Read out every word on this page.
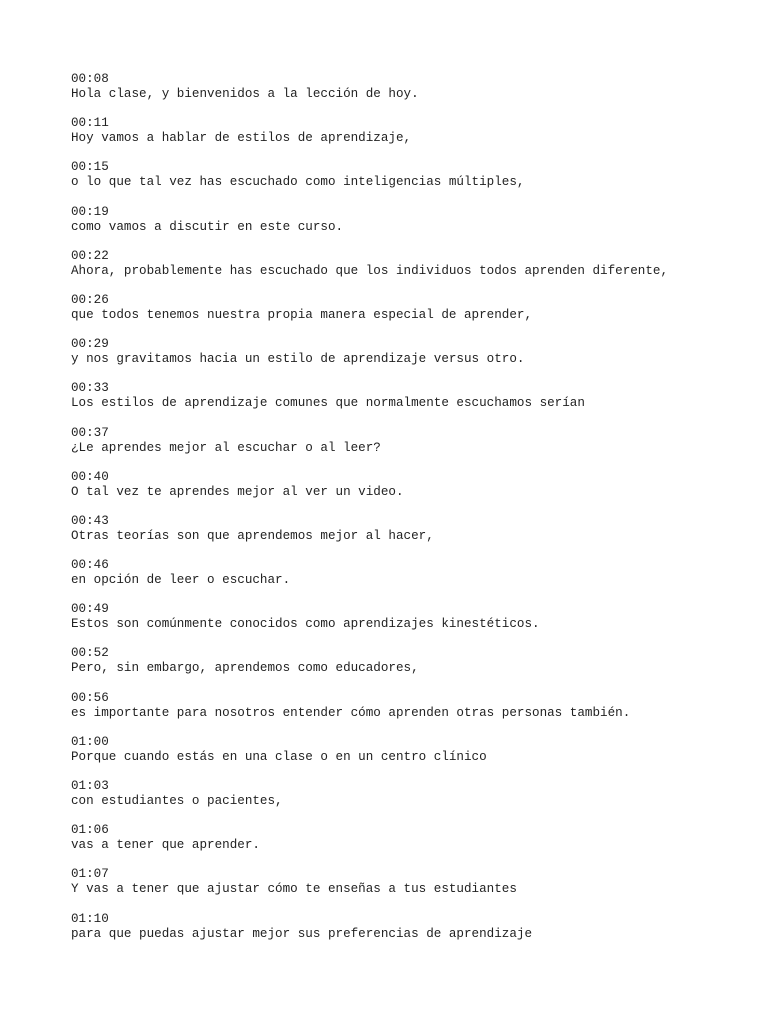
00:08
Hola clase, y bienvenidos a la lección de hoy.
00:11
Hoy vamos a hablar de estilos de aprendizaje,
00:15
o lo que tal vez has escuchado como inteligencias múltiples,
00:19
como vamos a discutir en este curso.
00:22
Ahora, probablemente has escuchado que los individuos todos aprenden diferente,
00:26
que todos tenemos nuestra propia manera especial de aprender,
00:29
y nos gravitamos hacia un estilo de aprendizaje versus otro.
00:33
Los estilos de aprendizaje comunes que normalmente escuchamos serían
00:37
¿Le aprendes mejor al escuchar o al leer?
00:40
O tal vez te aprendes mejor al ver un video.
00:43
Otras teorías son que aprendemos mejor al hacer,
00:46
en opción de leer o escuchar.
00:49
Estos son comúnmente conocidos como aprendizajes kinestéticos.
00:52
Pero, sin embargo, aprendemos como educadores,
00:56
es importante para nosotros entender cómo aprenden otras personas también.
01:00
Porque cuando estás en una clase o en un centro clínico
01:03
con estudiantes o pacientes,
01:06
vas a tener que aprender.
01:07
Y vas a tener que ajustar cómo te enseñas a tus estudiantes
01:10
para que puedas ajustar mejor sus preferencias de aprendizaje
